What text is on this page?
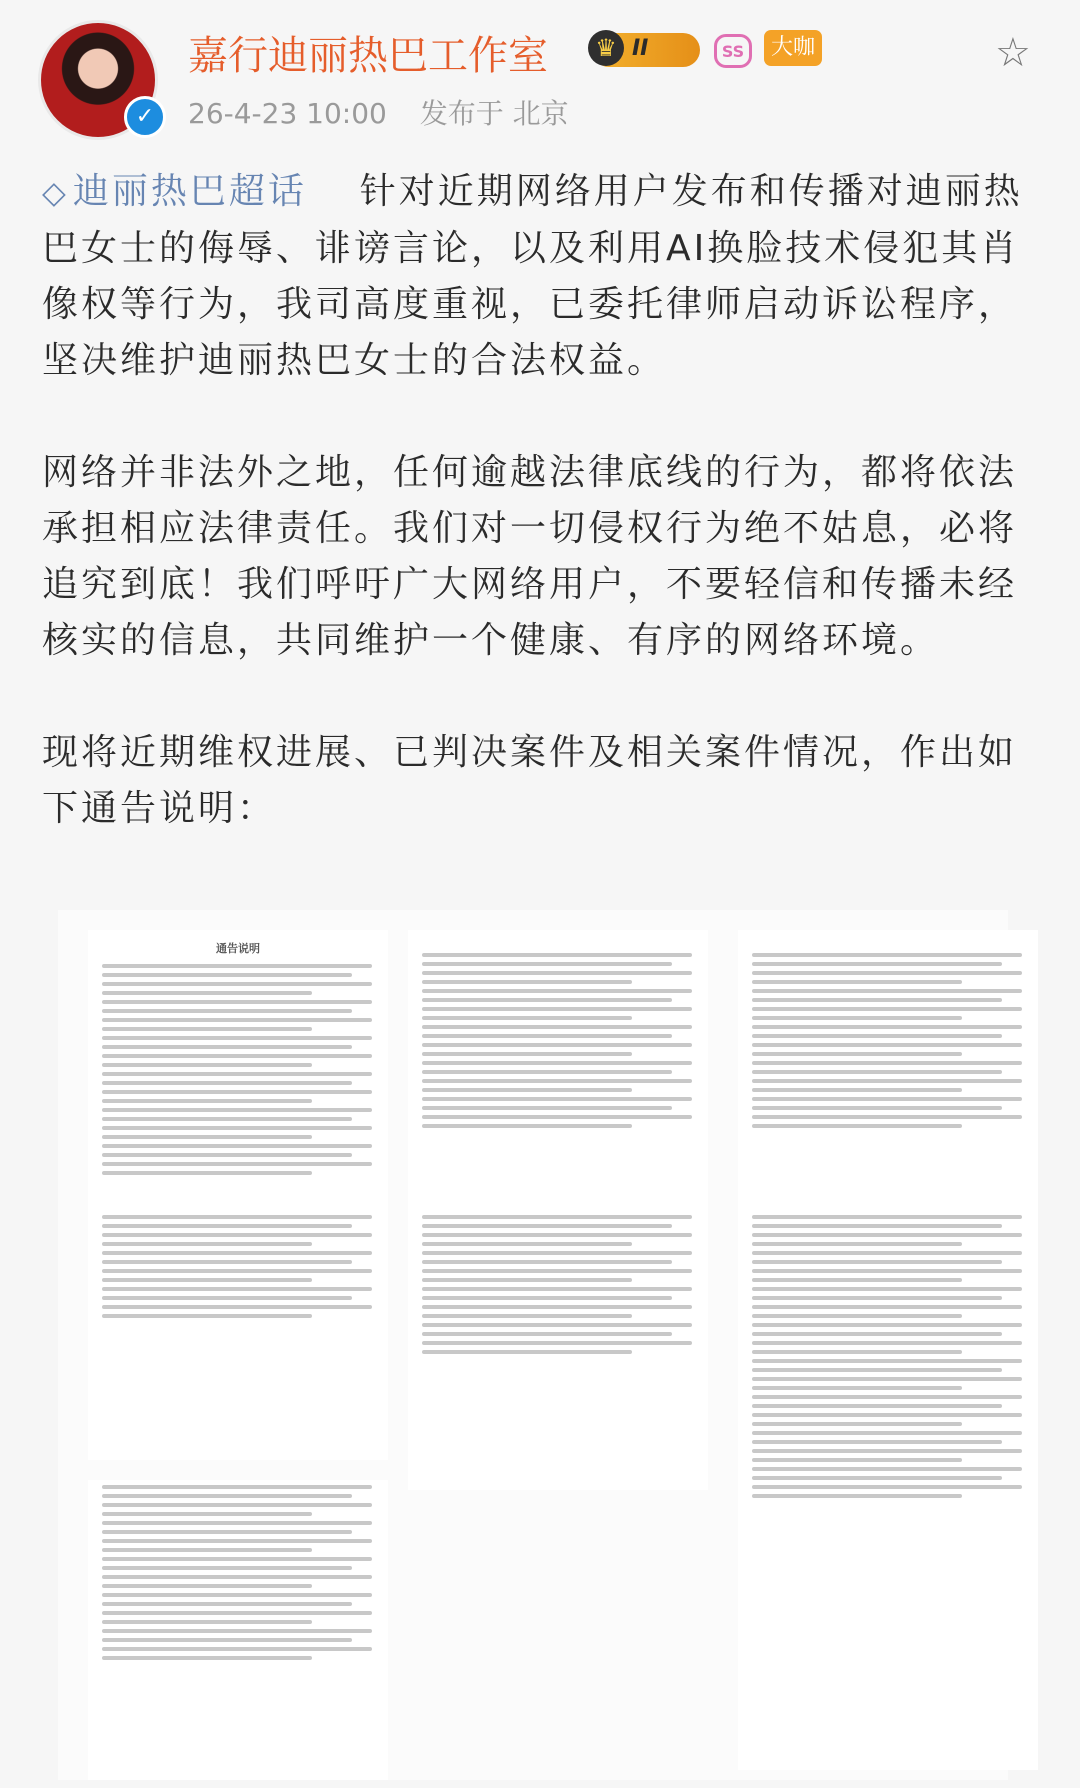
✓
嘉行迪丽热巴工作室	♛ II	SS	大咖	☆
26-4-23 10:00 发布于 北京

◇ 迪丽热巴超话 针对近期网络用户发布和传播对迪丽热巴女士的侮辱、诽谤言论，以及利用AI换脸技术侵犯其肖像权等行为，我司高度重视，已委托律师启动诉讼程序，坚决维护迪丽热巴女士的合法权益。

网络并非法外之地，任何逾越法律底线的行为，都将依法承担相应法律责任。我们对一切侵权行为绝不姑息，必将追究到底！我们呼吁广大网络用户，不要轻信和传播未经核实的信息，共同维护一个健康、有序的网络环境。

现将近期维权进展、已判决案件及相关案件情况，作出如下通告说明：

通告说明
